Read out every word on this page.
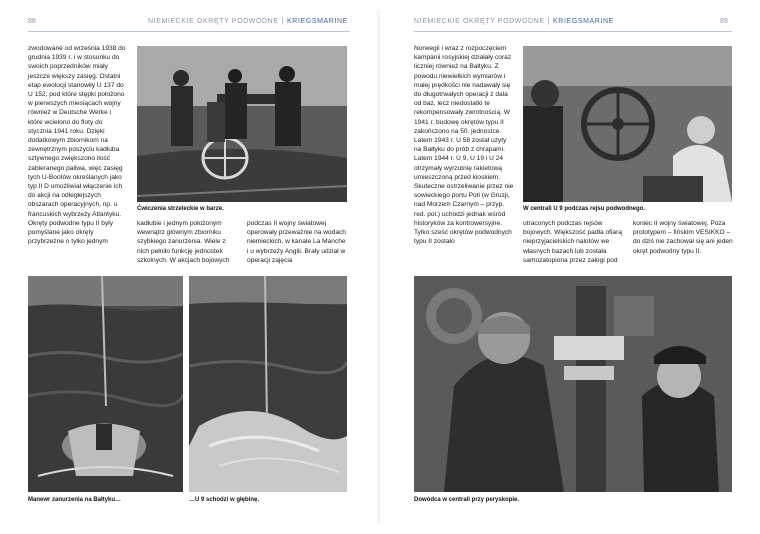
88	NIEMIECKIE OKRĘTY PODWODNE | KRIEGSMARINE

zwodowane od września 1938 do grudnia 1939 r. i w stosunku do swoich poprzedników miały jeszcze większy zasięg. Ostatni etap ewolucji stanowiły U 137 do U 152, pod które stępki położono w pierwszych miesiącach wojny również w Deutsche Werke i które wcielono do floty do stycznia 1941 roku. Dzięki dodatkowym zbiornikom na zewnętrznym poszyciu kadłuba sztywnego zwiększono ilość zabieranego paliwa, więc zasięg tych U-Bootów określanych jako typ II D umożliwiał włączenie ich do akcji na odległejszych obszarach operacyjnych, np. u francuskich wybrzeży Atlantyku. Okręty podwodne typu II były pomyślane jako okręty przybrzeżne o tylko jednym

Ćwiczenia strzeleckie w barze.

kadłubie i jednym położonym wewnątrz głównym zbiorniku szybkiego zanurzenia. Wiele z nich pełniło funkcję jednostek szkolnych. W akcjach bojowych

podczas II wojny światowej operowały przeważnie na wodach niemieckich, w kanale La Manche i u wybrzeży Anglii. Brały udział w operacji zajęcia

Manewr zanurzenia na Bałtyku…	…U 9 schodzi w głębinę.
NIEMIECKIE OKRĘTY PODWODNE | KRIEGSMARINE	89

Norwegii i wraz z rozpoczęciem kampanii rosyjskiej działały coraz liczniej również na Bałtyku. Z powodu niewielkich wymiarów i małej prędkości nie nadawały się do długotrwałych operacji z dala od baz, lecz niedostatki te rekompensowały zwrotnością. W 1941 r. budowę okrętów typu II zakończono na 50. jednostce. Latem 1943 r. U 58 został użyty na Bałtyku do prób z chrapami. Latem 1944 r. U 9, U 19 i U 24 otrzymały wyrzutnię rakietową umieszczoną przed kioskiem. Skuteczne ostrzeliwanie przez nie sowieckiego portu Poti (w Gruzji, nad Morzem Czarnym – przyp. red. pol.) uchodzi jednak wśród historyków za kontrowersyjne. Tylko sześć okrętów podwodnych typu II zostało

W centrali U 9 podczas rejsu podwodnego.

utraconych podczas rejsów bojowych. Większość padła ofiarą nieprzyjacielskich nalotów we własnych bazach lub została samozatopiona przez załogi pod

koniec II wojny światowej. Poza prototypem – fińskim VESIKKO – do dziś nie zachował się ani jeden okręt podwodny typu II.

Dowódca w centrali przy peryskopie.
